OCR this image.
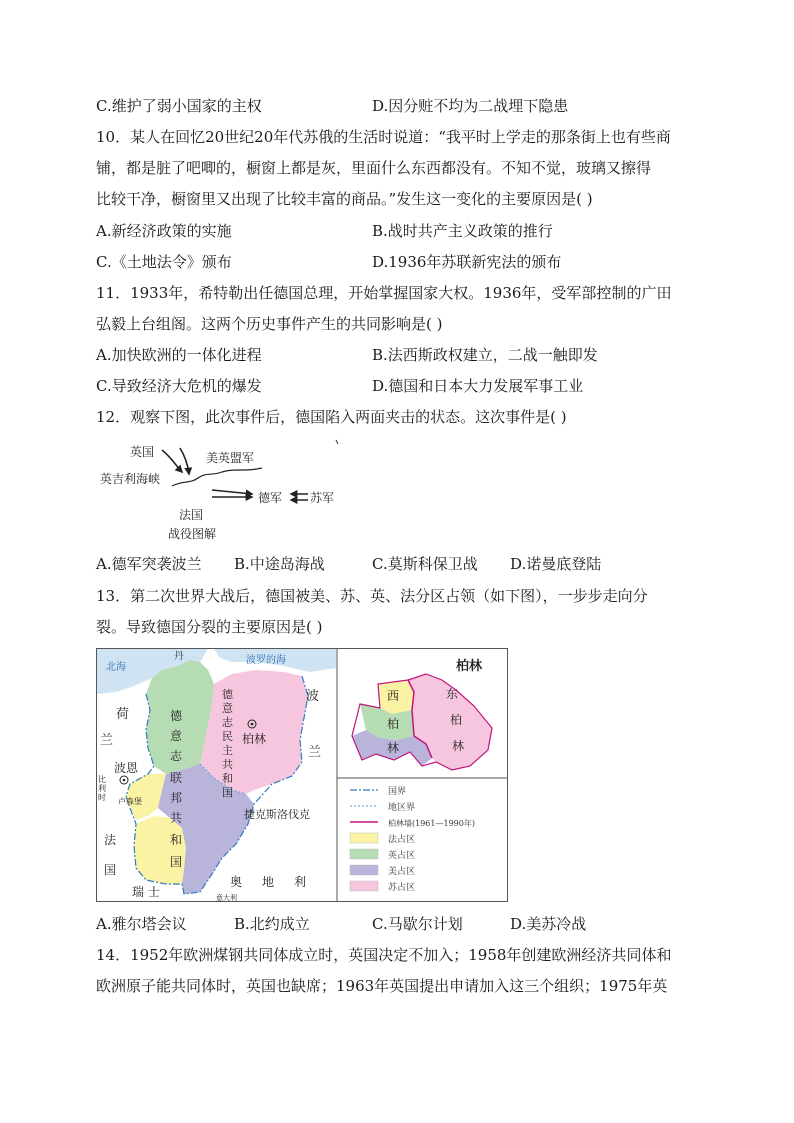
C.维护了弱小国家的主权	D.因分赃不均为二战埋下隐患
10．某人在回忆20世纪20年代苏俄的生活时说道：“我平时上学走的那条街上也有些商
铺，都是脏了吧唧的，橱窗上都是灰，里面什么东西都没有。不知不觉，玻璃又擦得
比较干净，橱窗里又出现了比较丰富的商品。”发生这一变化的主要原因是( )
A.新经济政策的实施	B.战时共产主义政策的推行
C.《土地法令》颁布	D.1936年苏联新宪法的颁布
11．1933年，希特勒出任德国总理，开始掌握国家大权。1936年，受军部控制的广田
弘毅上台组阁。这两个历史事件产生的共同影响是( )
A.加快欧洲的一体化进程	B.法西斯政权建立，二战一触即发
C.导致经济大危机的爆发	D.德国和日本大力发展军事工业
12．观察下图，此次事件后，德国陷入两面夹击的状态。这次事件是( )
英国	美英盟军
英吉利海峡
德军 苏军
法国
战役图解
A.德军突袭波兰 B.中途岛海战	C.莫斯科保卫战 D.诺曼底登陆
13．第二次世界大战后，德国被美、苏、英、法分区占领（如下图），一步步走向分
裂。导致德国分裂的主要原因是( )
丹
北海
波罗的海
荷
兰
波
兰
德
意
志
联
邦
共
和
国
德
意
志
民
主
共
和
国
柏林
波恩
卢森堡
比
利
时
法
国
捷克斯洛伐克
瑞 士
奥 地 利
意大利
柏林
西
柏
林
东
柏
林
国界
地区界
柏林墙(1961—1990年)
法占区
英占区
美占区
苏占区
A.雅尔塔会议	B.北约成立	C.马歇尔计划	D.美苏冷战
14．1952年欧洲煤钢共同体成立时，英国决定不加入；1958年创建欧洲经济共同体和
欧洲原子能共同体时，英国也缺席；1963年英国提出申请加入这三个组织；1975年英
